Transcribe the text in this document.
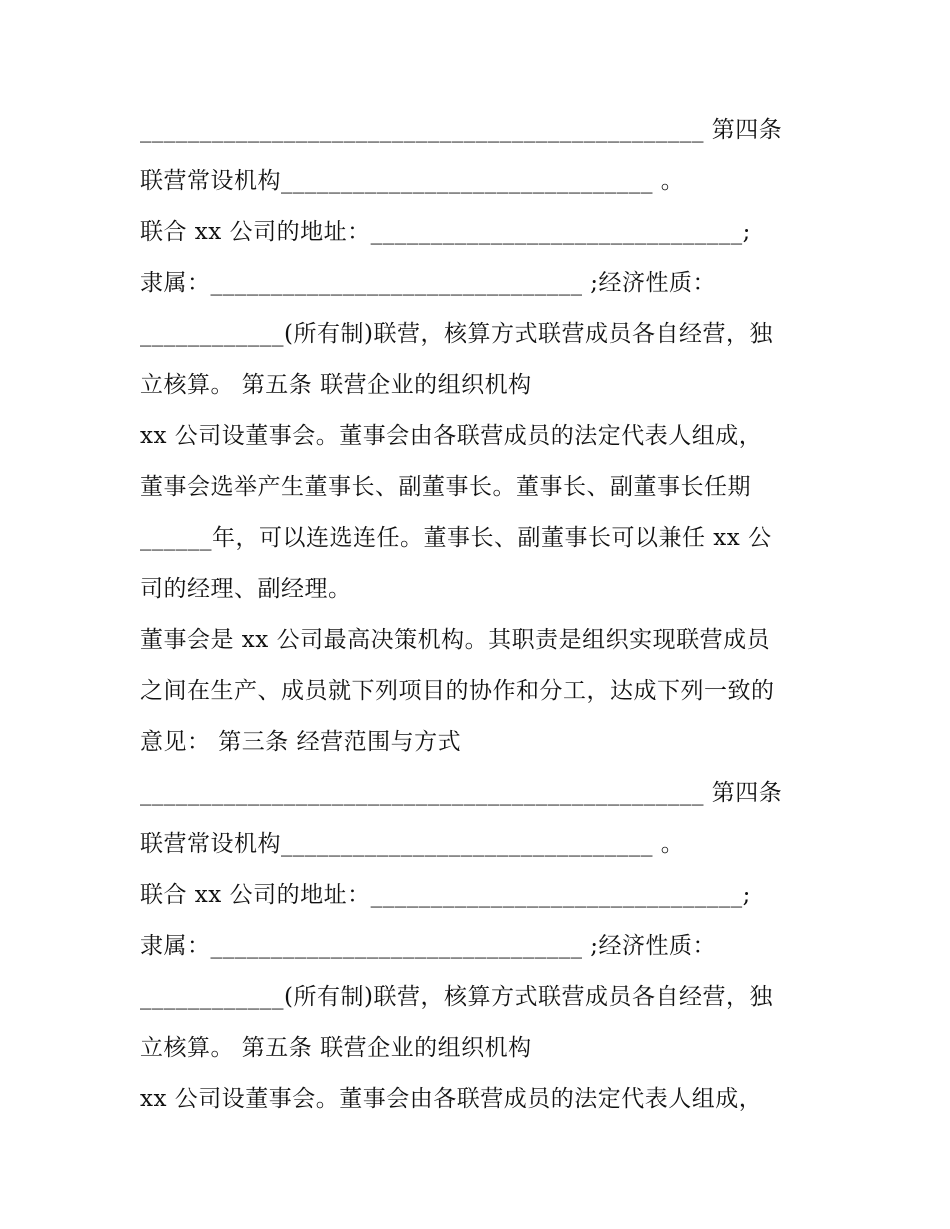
_______________________________________________ 第四条
联营常设机构_______________________________ 。
联合 xx 公司的地址：_______________________________;
隶属：_______________________________ ;经济性质：
____________(所有制)联营，核算方式联营成员各自经营，独
立核算。 第五条 联营企业的组织机构
xx 公司设董事会。董事会由各联营成员的法定代表人组成，
董事会选举产生董事长、副董事长。董事长、副董事长任期
______年，可以连选连任。董事长、副董事长可以兼任 xx 公
司的经理、副经理。
董事会是 xx 公司最高决策机构。其职责是组织实现联营成员
之间在生产、成员就下列项目的协作和分工，达成下列一致的
意见： 第三条 经营范围与方式
_______________________________________________ 第四条
联营常设机构_______________________________ 。
联合 xx 公司的地址：_______________________________;
隶属：_______________________________ ;经济性质：
____________(所有制)联营，核算方式联营成员各自经营，独
立核算。 第五条 联营企业的组织机构
xx 公司设董事会。董事会由各联营成员的法定代表人组成，
